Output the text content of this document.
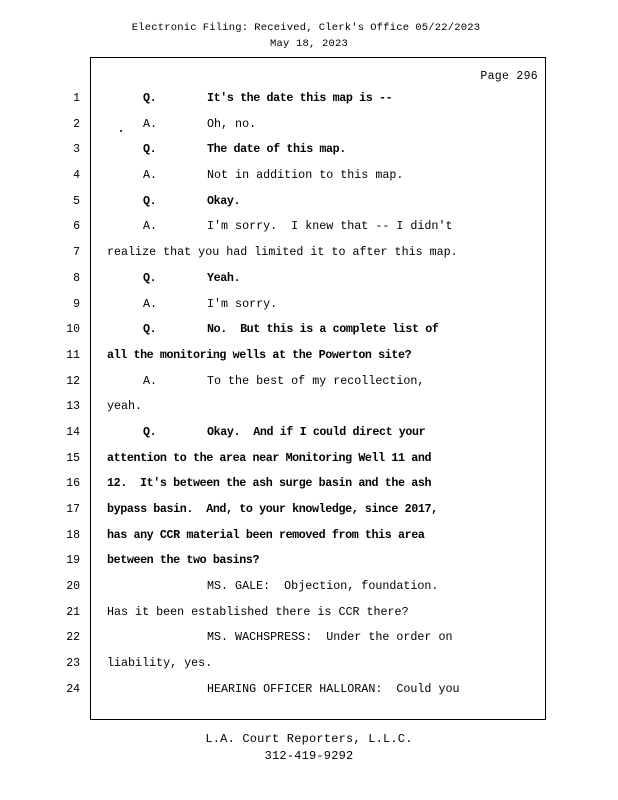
Electronic Filing: Received, Clerk's Office 05/22/2023
May 18, 2023
Page 296
1	Q.	It's the date this map is --
2	A.	Oh, no.
3	Q.	The date of this map.
4	A.	Not in addition to this map.
5	Q.	Okay.
6	A.	I'm sorry.  I knew that -- I didn't
7 realize that you had limited it to after this map.
8	Q.	Yeah.
9	A.	I'm sorry.
10	Q.	No.  But this is a complete list of
11 all the monitoring wells at the Powerton site?
12	A.	To the best of my recollection,
13 yeah.
14	Q.	Okay.  And if I could direct your
15 attention to the area near Monitoring Well 11 and
16 12.  It's between the ash surge basin and the ash
17 bypass basin.  And, to your knowledge, since 2017,
18 has any CCR material been removed from this area
19 between the two basins?
20	MS. GALE:  Objection, foundation.
21 Has it been established there is CCR there?
22	MS. WACHSPRESS:  Under the order on
23 liability, yes.
24	HEARING OFFICER HALLORAN:  Could you
L.A. Court Reporters, L.L.C.
312-419-9292
